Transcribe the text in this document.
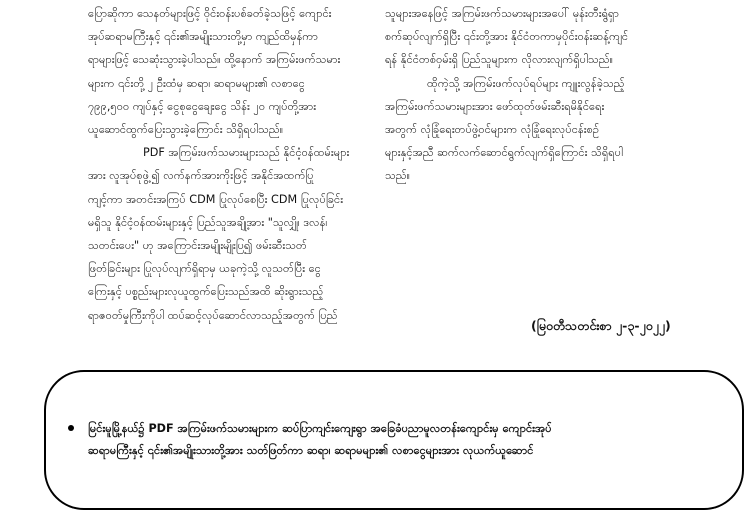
ပြောဆိုကာ သေနတ်များဖြင့် ဝိုင်းဝန်းပစ်ခတ်ခဲ့သဖြင့် ကျောင်း
အုပ်ဆရာမကြီးနှင့် ၎င်း၏အမျိုးသားတို့မှာ ကျည်ထိမှန်ကာ
ရာများဖြင့် သေဆုံးသွားခဲ့ပါသည်။ ထို့နောက် အကြမ်းဖက်သမား
များက ၎င်းတို့ ၂ ဦးထံမှ ဆရာ၊ ဆရာမများ၏ လစာငွေ
၇၉၉,၅၀၀ ကျပ်နှင့် ငွေစုငွေချေးငွေ သိန်း ၂၀ ကျပ်တို့အား
ယူဆောင်ထွက်ပြေးသွားခဲ့ကြောင်း သိရှိရပါသည်။

PDF အကြမ်းဖက်သမားများသည် နိုင်ငံ့ဝန်ထမ်းများ
အား လူအုပ်စုဖွဲ့၍ လက်နက်အားကိုးဖြင့် အနိုင်အထက်ပြု
ကျင့်ကာ အတင်းအကြပ် CDM ပြုလုပ်စေပြီး CDM ပြုလုပ်ခြင်း
မရှိသူ နိုင်ငံ့ဝန်ထမ်းများနှင့် ပြည်သူအချို့အား "သူလျှို၊ ဒလန်၊
သတင်းပေး" ဟု အကြောင်းအမျိုးမျိုးပြ၍ ဖမ်းဆီးသတ်
ဖြတ်ခြင်းများ ပြုလုပ်လျက်ရှိရာမှ ယခုကဲ့သို့ လူသတ်ပြီး ငွေ
ကြေးနှင့် ပစ္စည်းများလုယူထွက်ပြေးသည်အထိ ဆိုးရွားသည့်
ရာဇဝတ်မှုကြီးကိုပါ ထပ်ဆင့်လုပ်ဆောင်လာသည့်အတွက် ပြည်

သူများအနေဖြင့် အကြမ်းဖက်သမားများအပေါ် မုန်းတီးရွံရှာ
စက်ဆုပ်လျက်ရှိပြီး ၎င်းတို့အား နိုင်ငံတကာမှပိုင်းဝန်းဆန့်ကျင်
ရန် နိုင်ငံတစ်ဝှမ်းရှိ ပြည်သူများက လိုလားလျက်ရှိပါသည်။

ထိုကဲ့သို့ အကြမ်းဖက်လုပ်ရပ်များ ကျူးလွန်ခဲ့သည့်
အကြမ်းဖက်သမားများအား ဖော်ထုတ်ဖမ်းဆီးရမိနိုင်ရေး
အတွက် လုံခြုံရေးတပ်ဖွဲ့ဝင်များက လုံခြုံရေးလုပ်ငန်းစဉ်
များနှင့်အညီ ဆက်လက်ဆောင်ရွက်လျက်ရှိကြောင်း သိရှိရပါ
သည်။

(မြဝတီသတင်းစာ ၂-၃-၂၀၂၂)
မြင်းမူမြို့နယ်၌ PDF အကြမ်းဖက်သမားများက ဆပ်ပြာကျင်းကျေးရွာ အခြေခံပညာမူလတန်းကျောင်းမှ ကျောင်းအုပ်
ဆရာမကြီးနှင့် ၎င်း၏အမျိုးသားတို့အား သတ်ဖြတ်ကာ ဆရာ၊ ဆရာမများ၏ လစာငွေများအား လုယက်ယူဆောင်
